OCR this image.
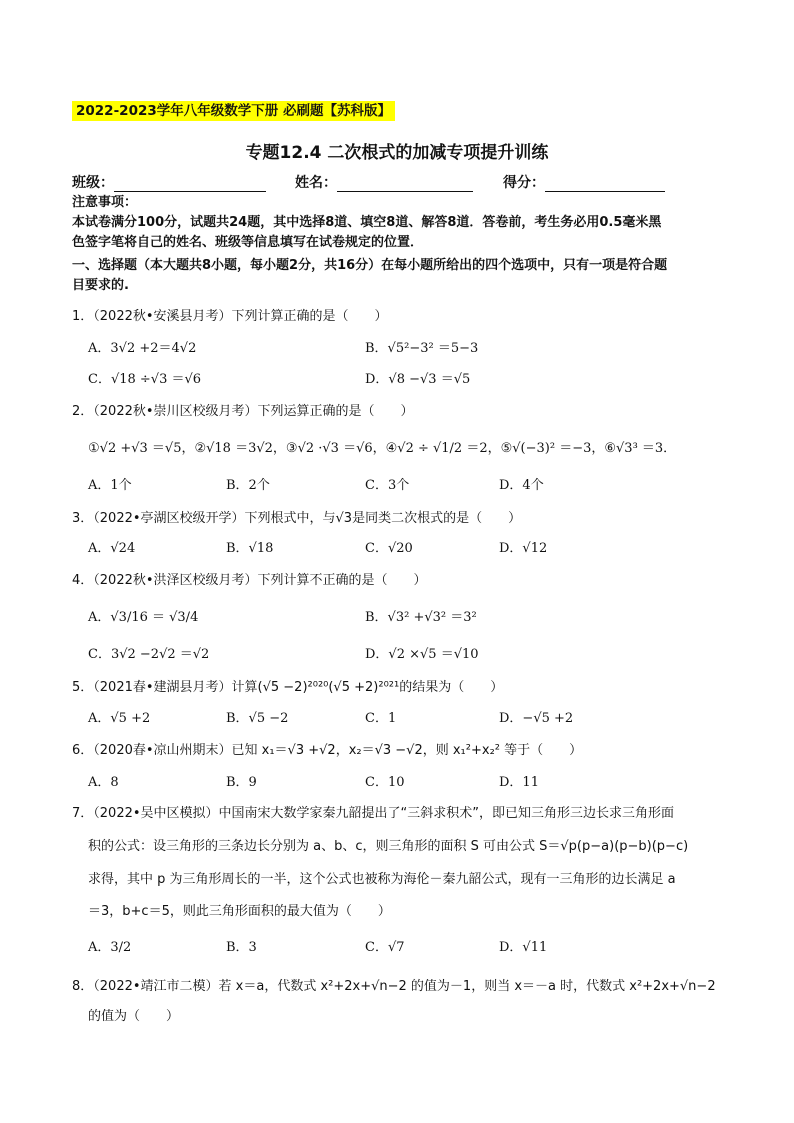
2022-2023学年八年级数学下册 必刷题【苏科版】
专题12.4 二次根式的加减专项提升训练
班级：	姓名：	得分：
注意事项：
本试卷满分100分，试题共24题，其中选择8道、填空8道、解答8道．答卷前，考生务必用0.5毫米黑
色签字笔将自己的姓名、班级等信息填写在试卷规定的位置．
一、选择题（本大题共8小题，每小题2分，共16分）在每小题所给出的四个选项中，只有一项是符合题
目要求的.
1．（2022秋•安溪县月考）下列计算正确的是（　　）
A．3√2 +2＝4√2	B．√5²−3² ＝5−3
C．√18 ÷√3 ＝√6	D．√8 −√3 ＝√5
2．（2022秋•崇川区校级月考）下列运算正确的是（　　）
①√2 +√3 ＝√5，②√18 ＝3√2，③√2 ·√3 ＝√6，④√2 ÷ √1/2 ＝2，⑤√(−3)² ＝−3，⑥√3³ ＝3．
A．1个	B．2个	C．3个	D．4个
3．（2022•亭湖区校级开学）下列根式中，与√3是同类二次根式的是（　　）
A．√24	B．√18	C．√20	D．√12
4．（2022秋•洪泽区校级月考）下列计算不正确的是（　　）
A．√3/16 ＝ √3/4	B．√3² +√3² ＝3²
C．3√2 −2√2 ＝√2	D．√2 ×√5 ＝√10
5．（2021春•建湖县月考）计算(√5 −2)²⁰²⁰(√5 +2)²⁰²¹的结果为（　　）
A．√5 +2	B．√5 −2	C．1	D．−√5 +2
6．（2020春•凉山州期末）已知 x₁＝√3 +√2，x₂＝√3 −√2，则 x₁²+x₂² 等于（　　）
A．8	B．9	C．10	D．11
7．（2022•吴中区模拟）中国南宋大数学家秦九韶提出了“三斜求积术”，即已知三角形三边长求三角形面
积的公式：设三角形的三条边长分别为 a、b、c，则三角形的面积 S 可由公式 S＝√p(p−a)(p−b)(p−c)
求得，其中 p 为三角形周长的一半，这个公式也被称为海伦－秦九韶公式，现有一三角形的边长满足 a
＝3，b+c＝5，则此三角形面积的最大值为（　　）
A．3/2	B．3	C．√7	D．√11
8．（2022•靖江市二模）若 x＝a，代数式 x²+2x+√n−2 的值为－1，则当 x＝－a 时，代数式 x²+2x+√n−2
的值为（　　）
